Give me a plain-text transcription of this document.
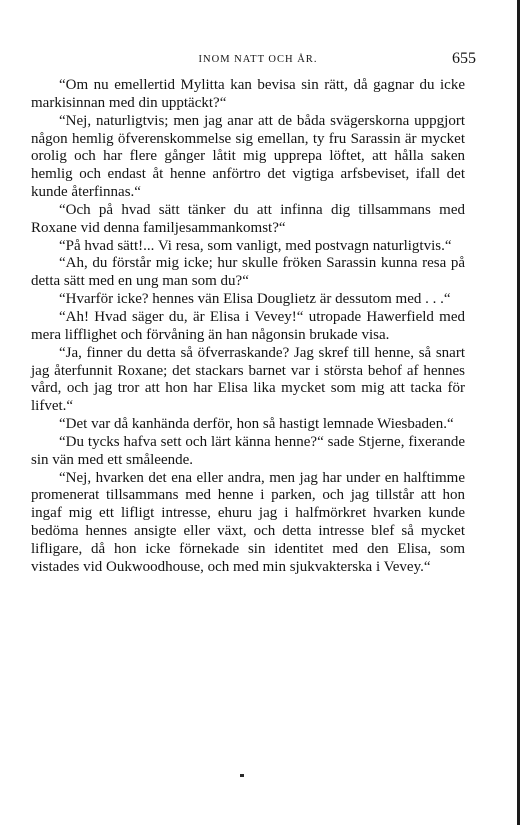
INOM NATT OCH ÅR.	655

“Om nu emellertid Mylitta kan bevisa sin rätt, då gagnar du icke markisinnan med din upptäckt?“

“Nej, naturligtvis; men jag anar att de båda svägerskorna uppgjort någon hemlig öfverenskommelse sig emellan, ty fru Sarassin är mycket orolig och har flere gånger låtit mig upprepa löftet, att hålla saken hemlig och endast åt henne anförtro det vigtiga arfsbeviset, ifall det kunde återfinnas.“

“Och på hvad sätt tänker du att infinna dig tillsammans med Roxane vid denna familjesammankomst?“

“På hvad sätt!... Vi resa, som vanligt, med postvagn naturligtvis.“

“Ah, du förstår mig icke; hur skulle fröken Sarassin kunna resa på detta sätt med en ung man som du?“

“Hvarför icke? hennes vän Elisa Douglietz är dessutom med . . .“

“Ah! Hvad säger du, är Elisa i Vevey!“ utropade Hawerfield med mera lifflighet och förvåning än han någonsin brukade visa.

“Ja, finner du detta så öfverraskande? Jag skref till henne, så snart jag återfunnit Roxane; det stackars barnet var i största behof af hennes vård, och jag tror att hon har Elisa lika mycket som mig att tacka för lifvet.“

“Det var då kanhända derför, hon så hastigt lemnade Wiesbaden.“

“Du tycks hafva sett och lärt känna henne?“ sade Stjerne, fixerande sin vän med ett småleende.

“Nej, hvarken det ena eller andra, men jag har under en halftimme promenerat tillsammans med henne i parken, och jag tillstår att hon ingaf mig ett lifligt intresse, ehuru jag i halfmörkret hvarken kunde bedöma hennes ansigte eller växt, och detta intresse blef så mycket lifligare, då hon icke förnekade sin identitet med den Elisa, som vistades vid Oukwoodhouse, och med min sjukvakterska i Vevey.“
